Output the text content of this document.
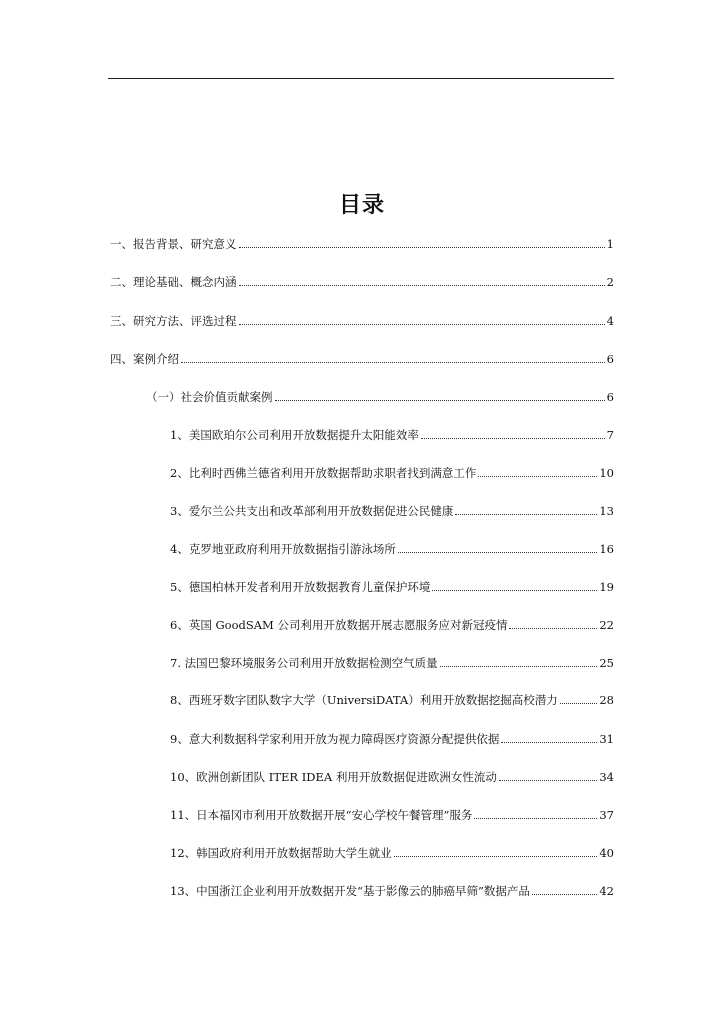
目录
一、报告背景、研究意义	1
二、理论基础、概念内涵	2
三、研究方法、评选过程	4
四、案例介绍	6
（一）社会价值贡献案例	6
1、美国欧珀尔公司利用开放数据提升太阳能效率	7
2、比利时西佛兰德省利用开放数据帮助求职者找到满意工作	10
3、爱尔兰公共支出和改革部利用开放数据促进公民健康	13
4、克罗地亚政府利用开放数据指引游泳场所	16
5、德国柏林开发者利用开放数据教育儿童保护环境	19
6、英国 GoodSAM 公司利用开放数据开展志愿服务应对新冠疫情	22
7. 法国巴黎环境服务公司利用开放数据检测空气质量	25
8、西班牙数字团队数字大学（UniversiDATA）利用开放数据挖掘高校潜力	28
9、意大利数据科学家利用开放为视力障碍医疗资源分配提供依据	31
10、欧洲创新团队 ITER IDEA 利用开放数据促进欧洲女性流动	34
11、日本福冈市利用开放数据开展“安心学校午餐管理”服务	37
12、韩国政府利用开放数据帮助大学生就业	40
13、中国浙江企业利用开放数据开发“基于影像云的肺癌早筛”数据产品	42
